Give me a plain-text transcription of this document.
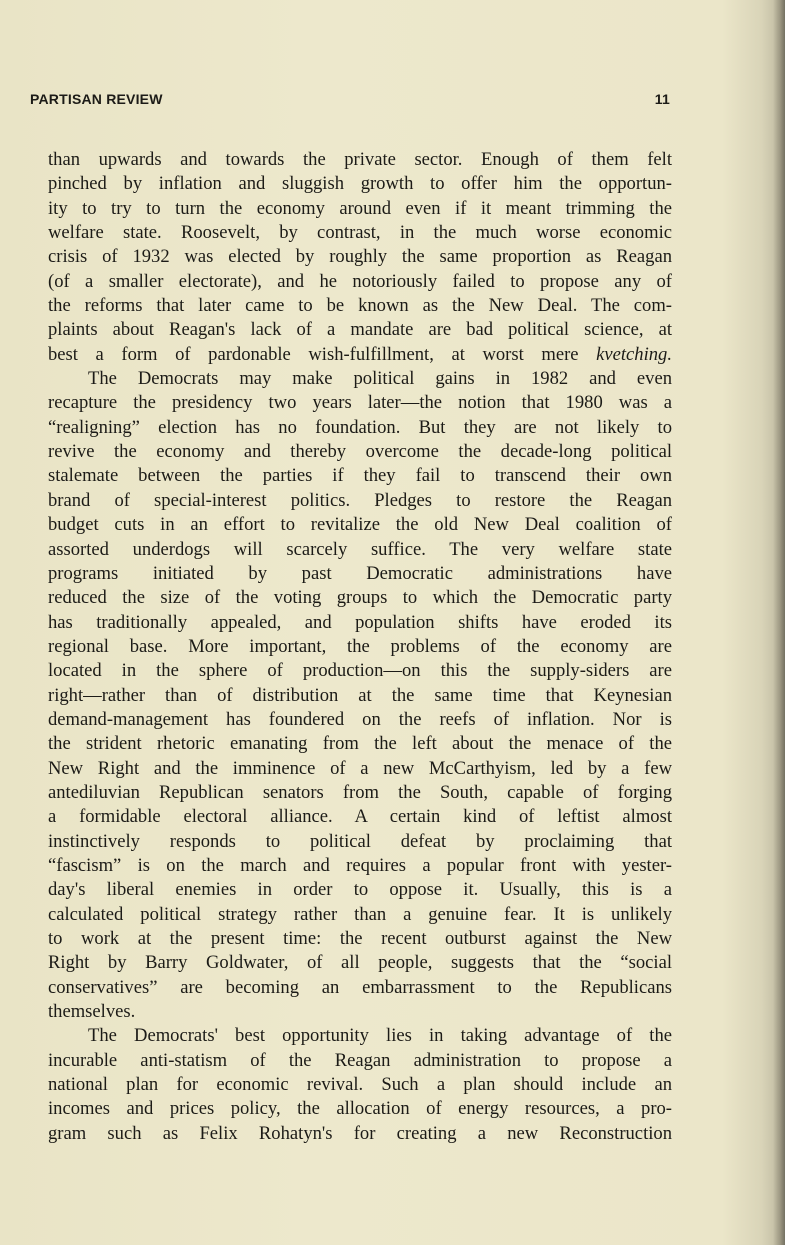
PARTISAN REVIEW	11

than upwards and towards the private sector. Enough of them felt
pinched by inflation and sluggish growth to offer him the opportun-
ity to try to turn the economy around even if it meant trimming the
welfare state. Roosevelt, by contrast, in the much worse economic
crisis of 1932 was elected by roughly the same proportion as Reagan
(of a smaller electorate), and he notoriously failed to propose any of
the reforms that later came to be known as the New Deal. The com-
plaints about Reagan's lack of a mandate are bad political science, at
best a form of pardonable wish-fulfillment, at worst mere kvetching.

The Democrats may make political gains in 1982 and even
recapture the presidency two years later—the notion that 1980 was a
“realigning” election has no foundation. But they are not likely to
revive the economy and thereby overcome the decade-long political
stalemate between the parties if they fail to transcend their own
brand of special-interest politics. Pledges to restore the Reagan
budget cuts in an effort to revitalize the old New Deal coalition of
assorted underdogs will scarcely suffice. The very welfare state
programs initiated by past Democratic administrations have
reduced the size of the voting groups to which the Democratic party
has traditionally appealed, and population shifts have eroded its
regional base. More important, the problems of the economy are
located in the sphere of production—on this the supply-siders are
right—rather than of distribution at the same time that Keynesian
demand-management has foundered on the reefs of inflation. Nor is
the strident rhetoric emanating from the left about the menace of the
New Right and the imminence of a new McCarthyism, led by a few
antediluvian Republican senators from the South, capable of forging
a formidable electoral alliance. A certain kind of leftist almost
instinctively responds to political defeat by proclaiming that
“fascism” is on the march and requires a popular front with yester-
day's liberal enemies in order to oppose it. Usually, this is a
calculated political strategy rather than a genuine fear. It is unlikely
to work at the present time: the recent outburst against the New
Right by Barry Goldwater, of all people, suggests that the “social
conservatives” are becoming an embarrassment to the Republicans
themselves.

The Democrats' best opportunity lies in taking advantage of the
incurable anti-statism of the Reagan administration to propose a
national plan for economic revival. Such a plan should include an
incomes and prices policy, the allocation of energy resources, a pro-
gram such as Felix Rohatyn's for creating a new Reconstruction
